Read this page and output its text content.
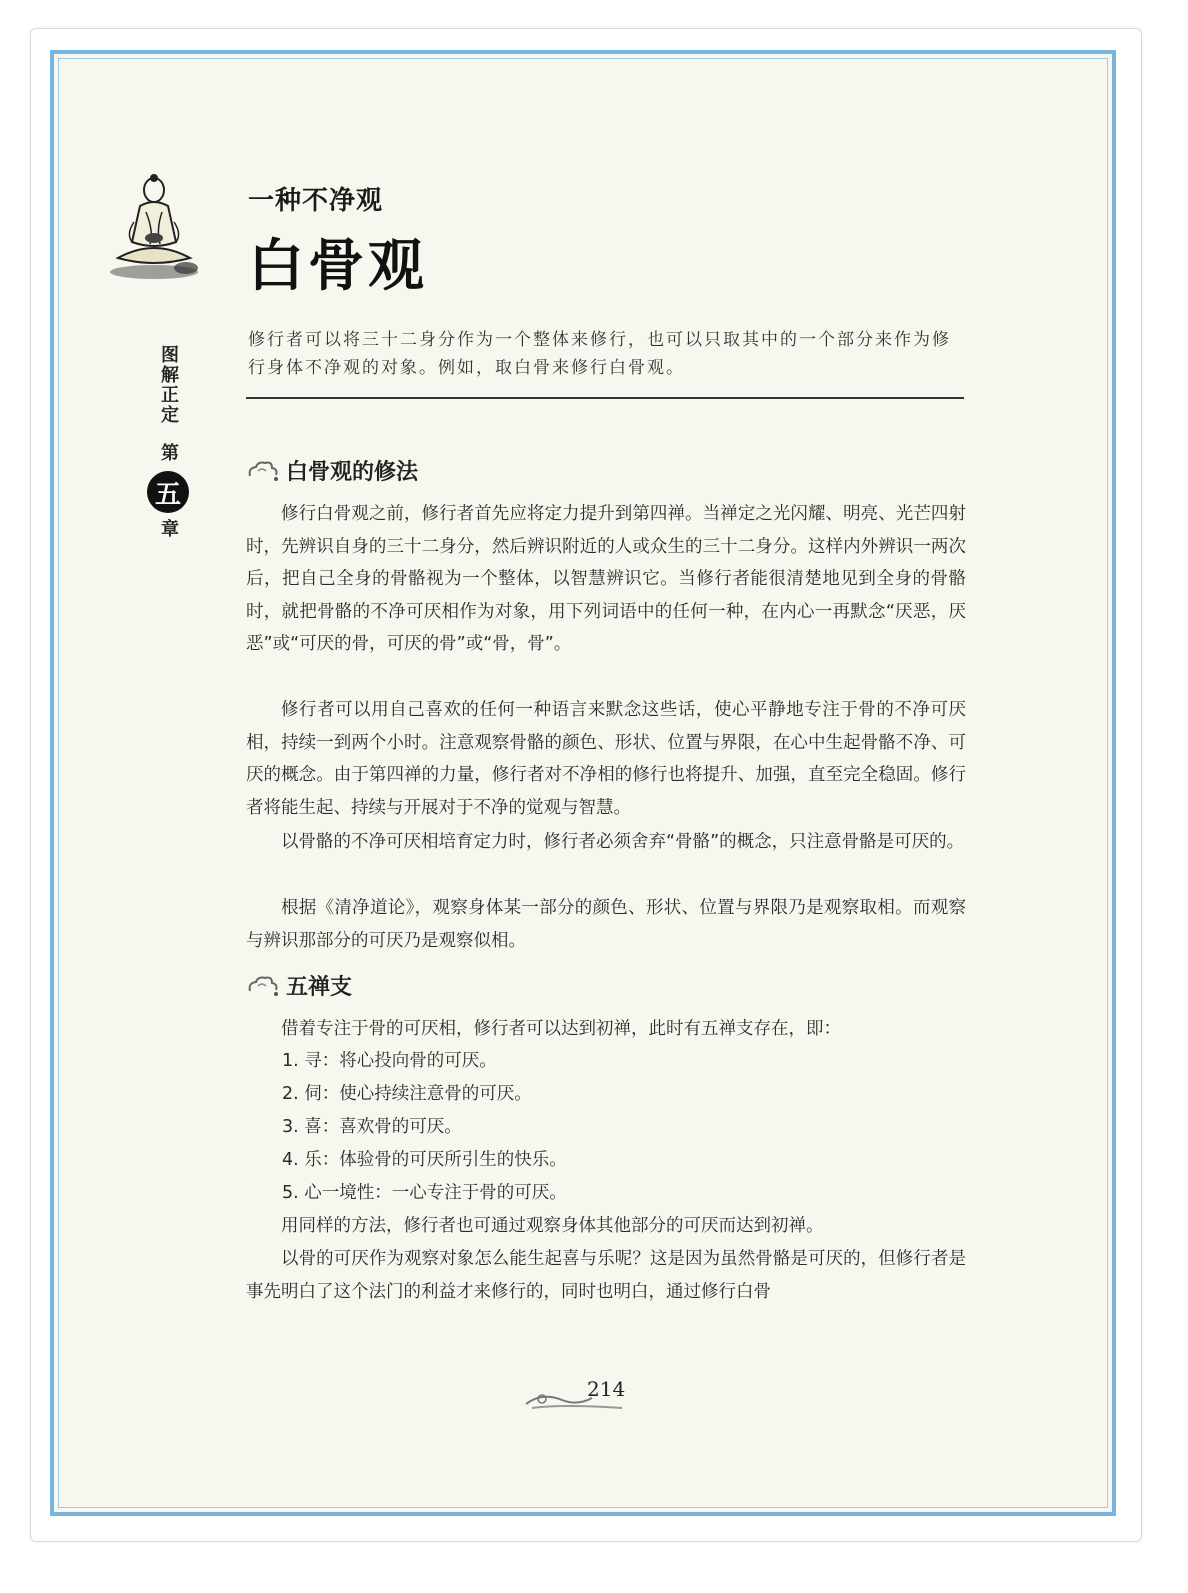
一种不净观
白骨观
图解正定
第
五
章
修行者可以将三十二身分作为一个整体来修行，也可以只取其中的一个部分来作为修行身体不净观的对象。例如，取白骨来修行白骨观。
白骨观的修法

修行白骨观之前，修行者首先应将定力提升到第四禅。当禅定之光闪耀、明亮、光芒四射时，先辨识自身的三十二身分，然后辨识附近的人或众生的三十二身分。这样内外辨识一两次后，把自己全身的骨骼视为一个整体，以智慧辨识它。当修行者能很清楚地见到全身的骨骼时，就把骨骼的不净可厌相作为对象，用下列词语中的任何一种，在内心一再默念“厌恶，厌恶”或“可厌的骨，可厌的骨”或“骨，骨”。

修行者可以用自己喜欢的任何一种语言来默念这些话，使心平静地专注于骨的不净可厌相，持续一到两个小时。注意观察骨骼的颜色、形状、位置与界限，在心中生起骨骼不净、可厌的概念。由于第四禅的力量，修行者对不净相的修行也将提升、加强，直至完全稳固。修行者将能生起、持续与开展对于不净的觉观与智慧。

以骨骼的不净可厌相培育定力时，修行者必须舍弃“骨骼”的概念，只注意骨骼是可厌的。

根据《清净道论》，观察身体某一部分的颜色、形状、位置与界限乃是观察取相。而观察与辨识那部分的可厌乃是观察似相。

五禅支

借着专注于骨的可厌相，修行者可以达到初禅，此时有五禅支存在，即：

1. 寻：将心投向骨的可厌。
2. 伺：使心持续注意骨的可厌。
3. 喜：喜欢骨的可厌。
4. 乐：体验骨的可厌所引生的快乐。
5. 心一境性：一心专注于骨的可厌。

用同样的方法，修行者也可通过观察身体其他部分的可厌而达到初禅。

以骨的可厌作为观察对象怎么能生起喜与乐呢？这是因为虽然骨骼是可厌的，但修行者是事先明白了这个法门的利益才来修行的，同时也明白，通过修行白骨

214
